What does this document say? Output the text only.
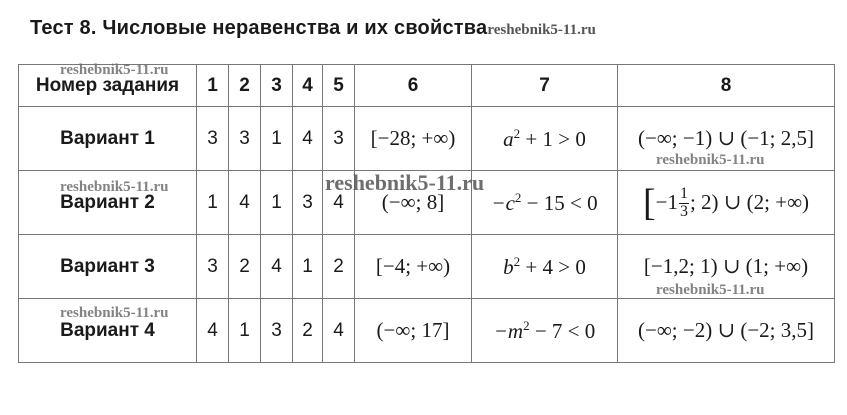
Тест 8. Числовые неравенства и их свойстваreshebnik5-11.ru
Номер задания	1	2	3	4	5	6	7	8
Вариант 1	3	3	1	4	3	[−28; +∞)	$a^2 + 1 > 0$	(−∞; −1) ∪ (−1; 2,5]
Вариант 2	1	4	1	3	4	(−∞; 8]	$-c^2 - 15 < 0$	[$-1 \frac{1}{3}$ ; 2) ∪ (2; +∞)
Вариант 3	3	2	4	1	2	[−4; +∞)	$b^2 + 4 > 0$	[−1,2; 1) ∪ (1; +∞)
Вариант 4	4	1	3	2	4	(−∞; 17]	$-m^2 - 7 < 0$	(−∞; −2) ∪ (−2; 3,5]
reshebnik5-11.ru
reshebnik5-11.ru	reshebnik5-11.ru
reshebnik5-11.ru
reshebnik5-11.ru
reshebnik5-11.ru
